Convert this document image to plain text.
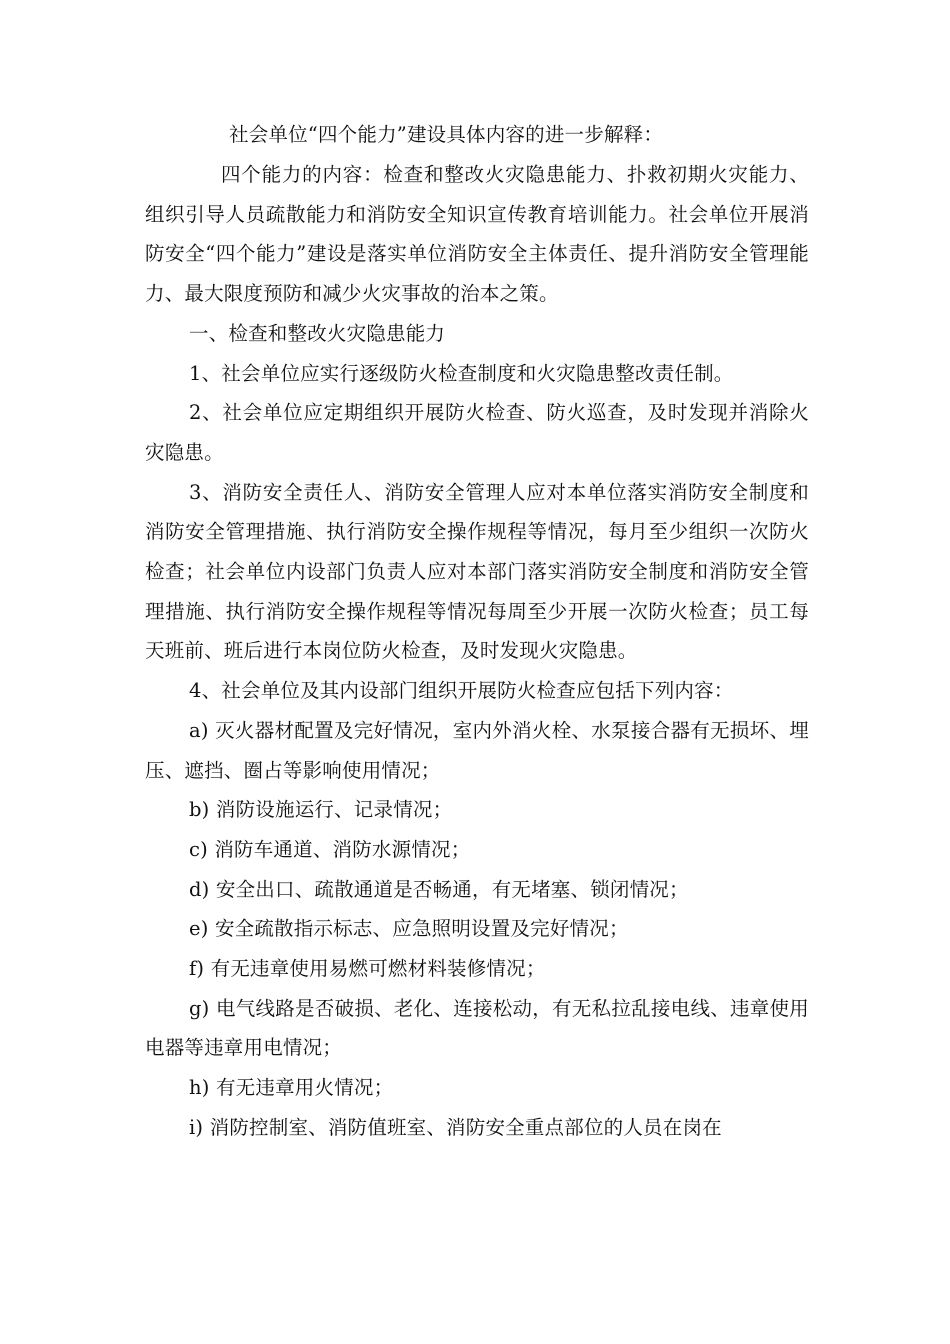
社会单位“四个能力”建设具体内容的进一步解释：

四个能力的内容：检查和整改火灾隐患能力、扑救初期火灾能力、组织引导人员疏散能力和消防安全知识宣传教育培训能力。社会单位开展消防安全“四个能力”建设是落实单位消防安全主体责任、提升消防安全管理能力、最大限度预防和减少火灾事故的治本之策。

一、检查和整改火灾隐患能力

1、社会单位应实行逐级防火检查制度和火灾隐患整改责任制。

2、社会单位应定期组织开展防火检查、防火巡查，及时发现并消除火灾隐患。

3、消防安全责任人、消防安全管理人应对本单位落实消防安全制度和消防安全管理措施、执行消防安全操作规程等情况，每月至少组织一次防火检查；社会单位内设部门负责人应对本部门落实消防安全制度和消防安全管理措施、执行消防安全操作规程等情况每周至少开展一次防火检查；员工每天班前、班后进行本岗位防火检查，及时发现火灾隐患。

4、社会单位及其内设部门组织开展防火检查应包括下列内容：

a) 灭火器材配置及完好情况，室内外消火栓、水泵接合器有无损坏、埋压、遮挡、圈占等影响使用情况；

b) 消防设施运行、记录情况；

c) 消防车通道、消防水源情况；

d) 安全出口、疏散通道是否畅通，有无堵塞、锁闭情况；

e) 安全疏散指示标志、应急照明设置及完好情况；

f) 有无违章使用易燃可燃材料装修情况；

g) 电气线路是否破损、老化、连接松动，有无私拉乱接电线、违章使用电器等违章用电情况；

h) 有无违章用火情况；

i) 消防控制室、消防值班室、消防安全重点部位的人员在岗在
